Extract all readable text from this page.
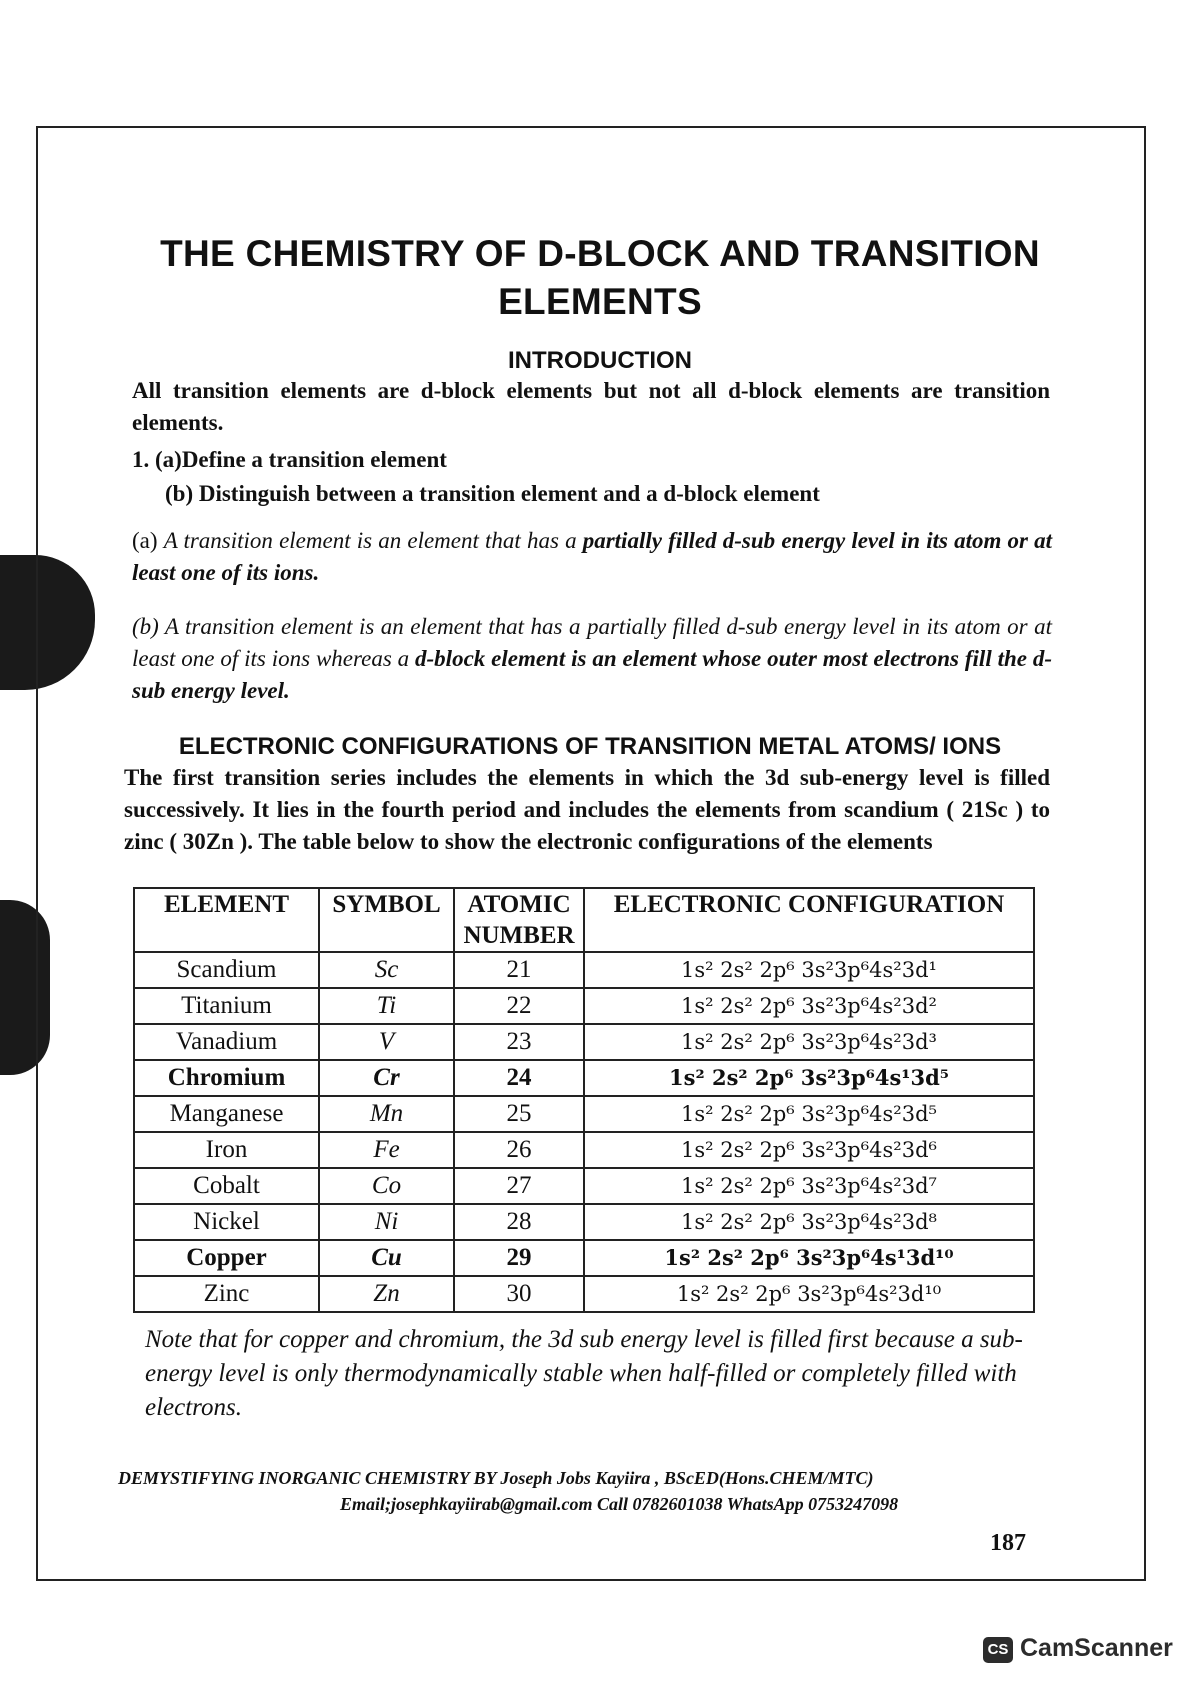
THE CHEMISTRY OF D-BLOCK AND TRANSITION
ELEMENTS
INTRODUCTION
All transition elements are d-block elements but not all d-block elements are transition elements.
1. (a)Define a transition element
(b) Distinguish between a transition element and a d-block element
(a) A transition element is an element that has a partially filled d-sub energy level in its atom or at least one of its ions.
(b) A transition element is an element that has a partially filled d-sub energy level in its atom or at least one of its ions whereas a d-block element is an element whose outer most electrons fill the d-sub energy level.
ELECTRONIC CONFIGURATIONS OF TRANSITION METAL ATOMS/ IONS
The first transition series includes the elements in which the 3d sub-energy level is filled successively. It lies in the fourth period and includes the elements from scandium ( 21Sc ) to zinc ( 30Zn ). The table below to show the electronic configurations of the elements
ELEMENT	SYMBOL	ATOMIC NUMBER	ELECTRONIC CONFIGURATION
Scandium	Sc	21	1s² 2s² 2p⁶ 3s²3p⁶4s²3d¹
Titanium	Ti	22	1s² 2s² 2p⁶ 3s²3p⁶4s²3d²
Vanadium	V	23	1s² 2s² 2p⁶ 3s²3p⁶4s²3d³
Chromium	Cr	24	1s² 2s² 2p⁶ 3s²3p⁶4s¹3d⁵
Manganese	Mn	25	1s² 2s² 2p⁶ 3s²3p⁶4s²3d⁵
Iron	Fe	26	1s² 2s² 2p⁶ 3s²3p⁶4s²3d⁶
Cobalt	Co	27	1s² 2s² 2p⁶ 3s²3p⁶4s²3d⁷
Nickel	Ni	28	1s² 2s² 2p⁶ 3s²3p⁶4s²3d⁸
Copper	Cu	29	1s² 2s² 2p⁶ 3s²3p⁶4s¹3d¹⁰
Zinc	Zn	30	1s² 2s² 2p⁶ 3s²3p⁶4s²3d¹⁰
Note that for copper and chromium, the 3d sub energy level is filled first because a sub-energy level is only thermodynamically stable when half-filled or completely filled with electrons.
DEMYSTIFYING INORGANIC CHEMISTRY BY Joseph Jobs Kayiira , BScED(Hons.CHEM/MTC)
Email;josephkayiirab@gmail.com Call 0782601038 WhatsApp 0753247098
187
CS CamScanner
